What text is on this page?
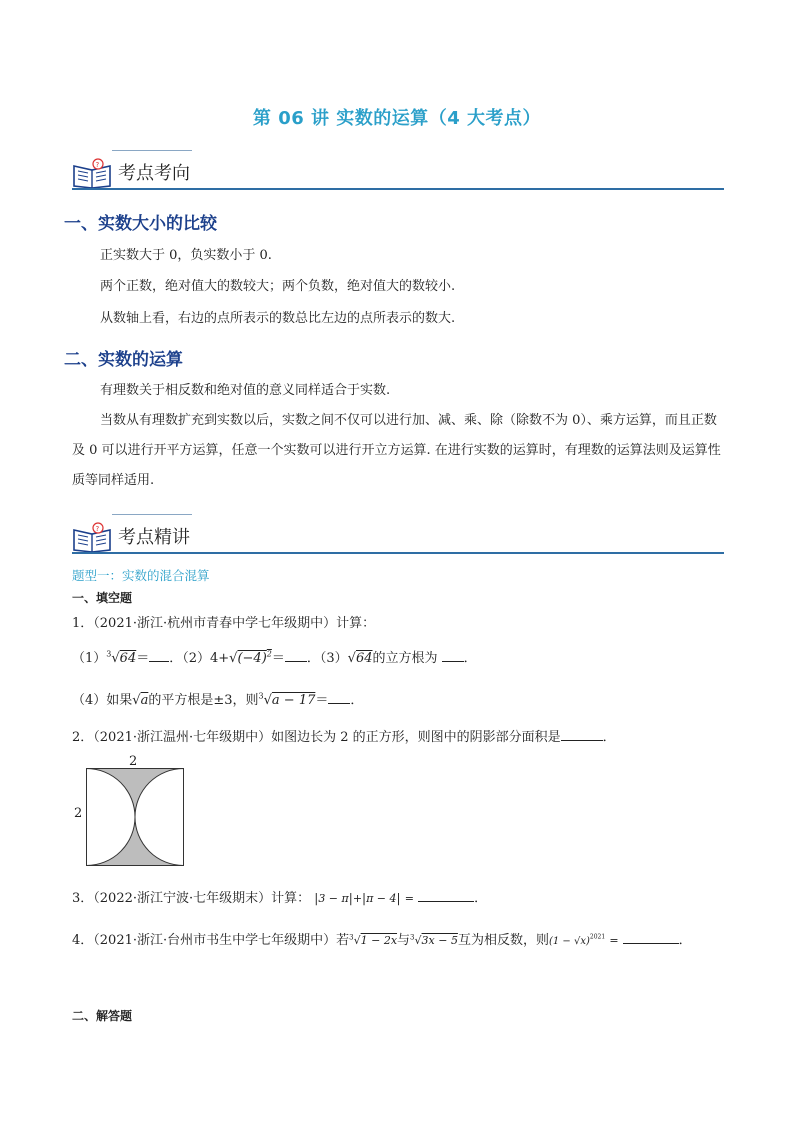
第 06 讲 实数的运算（4 大考点）
? 考点考向
一、实数大小的比较
正实数大于 0，负实数小于 0.
两个正数，绝对值大的数较大；两个负数，绝对值大的数较小.
从数轴上看，右边的点所表示的数总比左边的点所表示的数大.
二、实数的运算
有理数关于相反数和绝对值的意义同样适合于实数.
当数从有理数扩充到实数以后，实数之间不仅可以进行加、减、乘、除（除数不为 0）、乘方运算，而且正数及 0 可以进行开平方运算，任意一个实数可以进行开立方运算. 在进行实数的运算时，有理数的运算法则及运算性质等同样适用.
? 考点精讲
题型一：实数的混合混算
一、填空题
1．（2021·浙江·杭州市青春中学七年级期中）计算：
$(1)^3√64=$ ．$(2)4+√(-4)^2=$ ．（3）√64的立方根为 ．
（4）如果√a的平方根是±3，则$^3$√a − 17＝ ．
2．（2021·浙江温州·七年级期中）如图边长为 2 的正方形，则图中的阴影部分面积是	．
2
2
3．（2022·浙江宁波·七年级期末）计算： |3 − π|+|π − 4| =	．
4．（2021·浙江·台州市书生中学七年级期中）若$^3$√1 − 2x与$^3$√3x − 5互为相反数，则$(1 - √x)^{2021}$ =	．
二、解答题
